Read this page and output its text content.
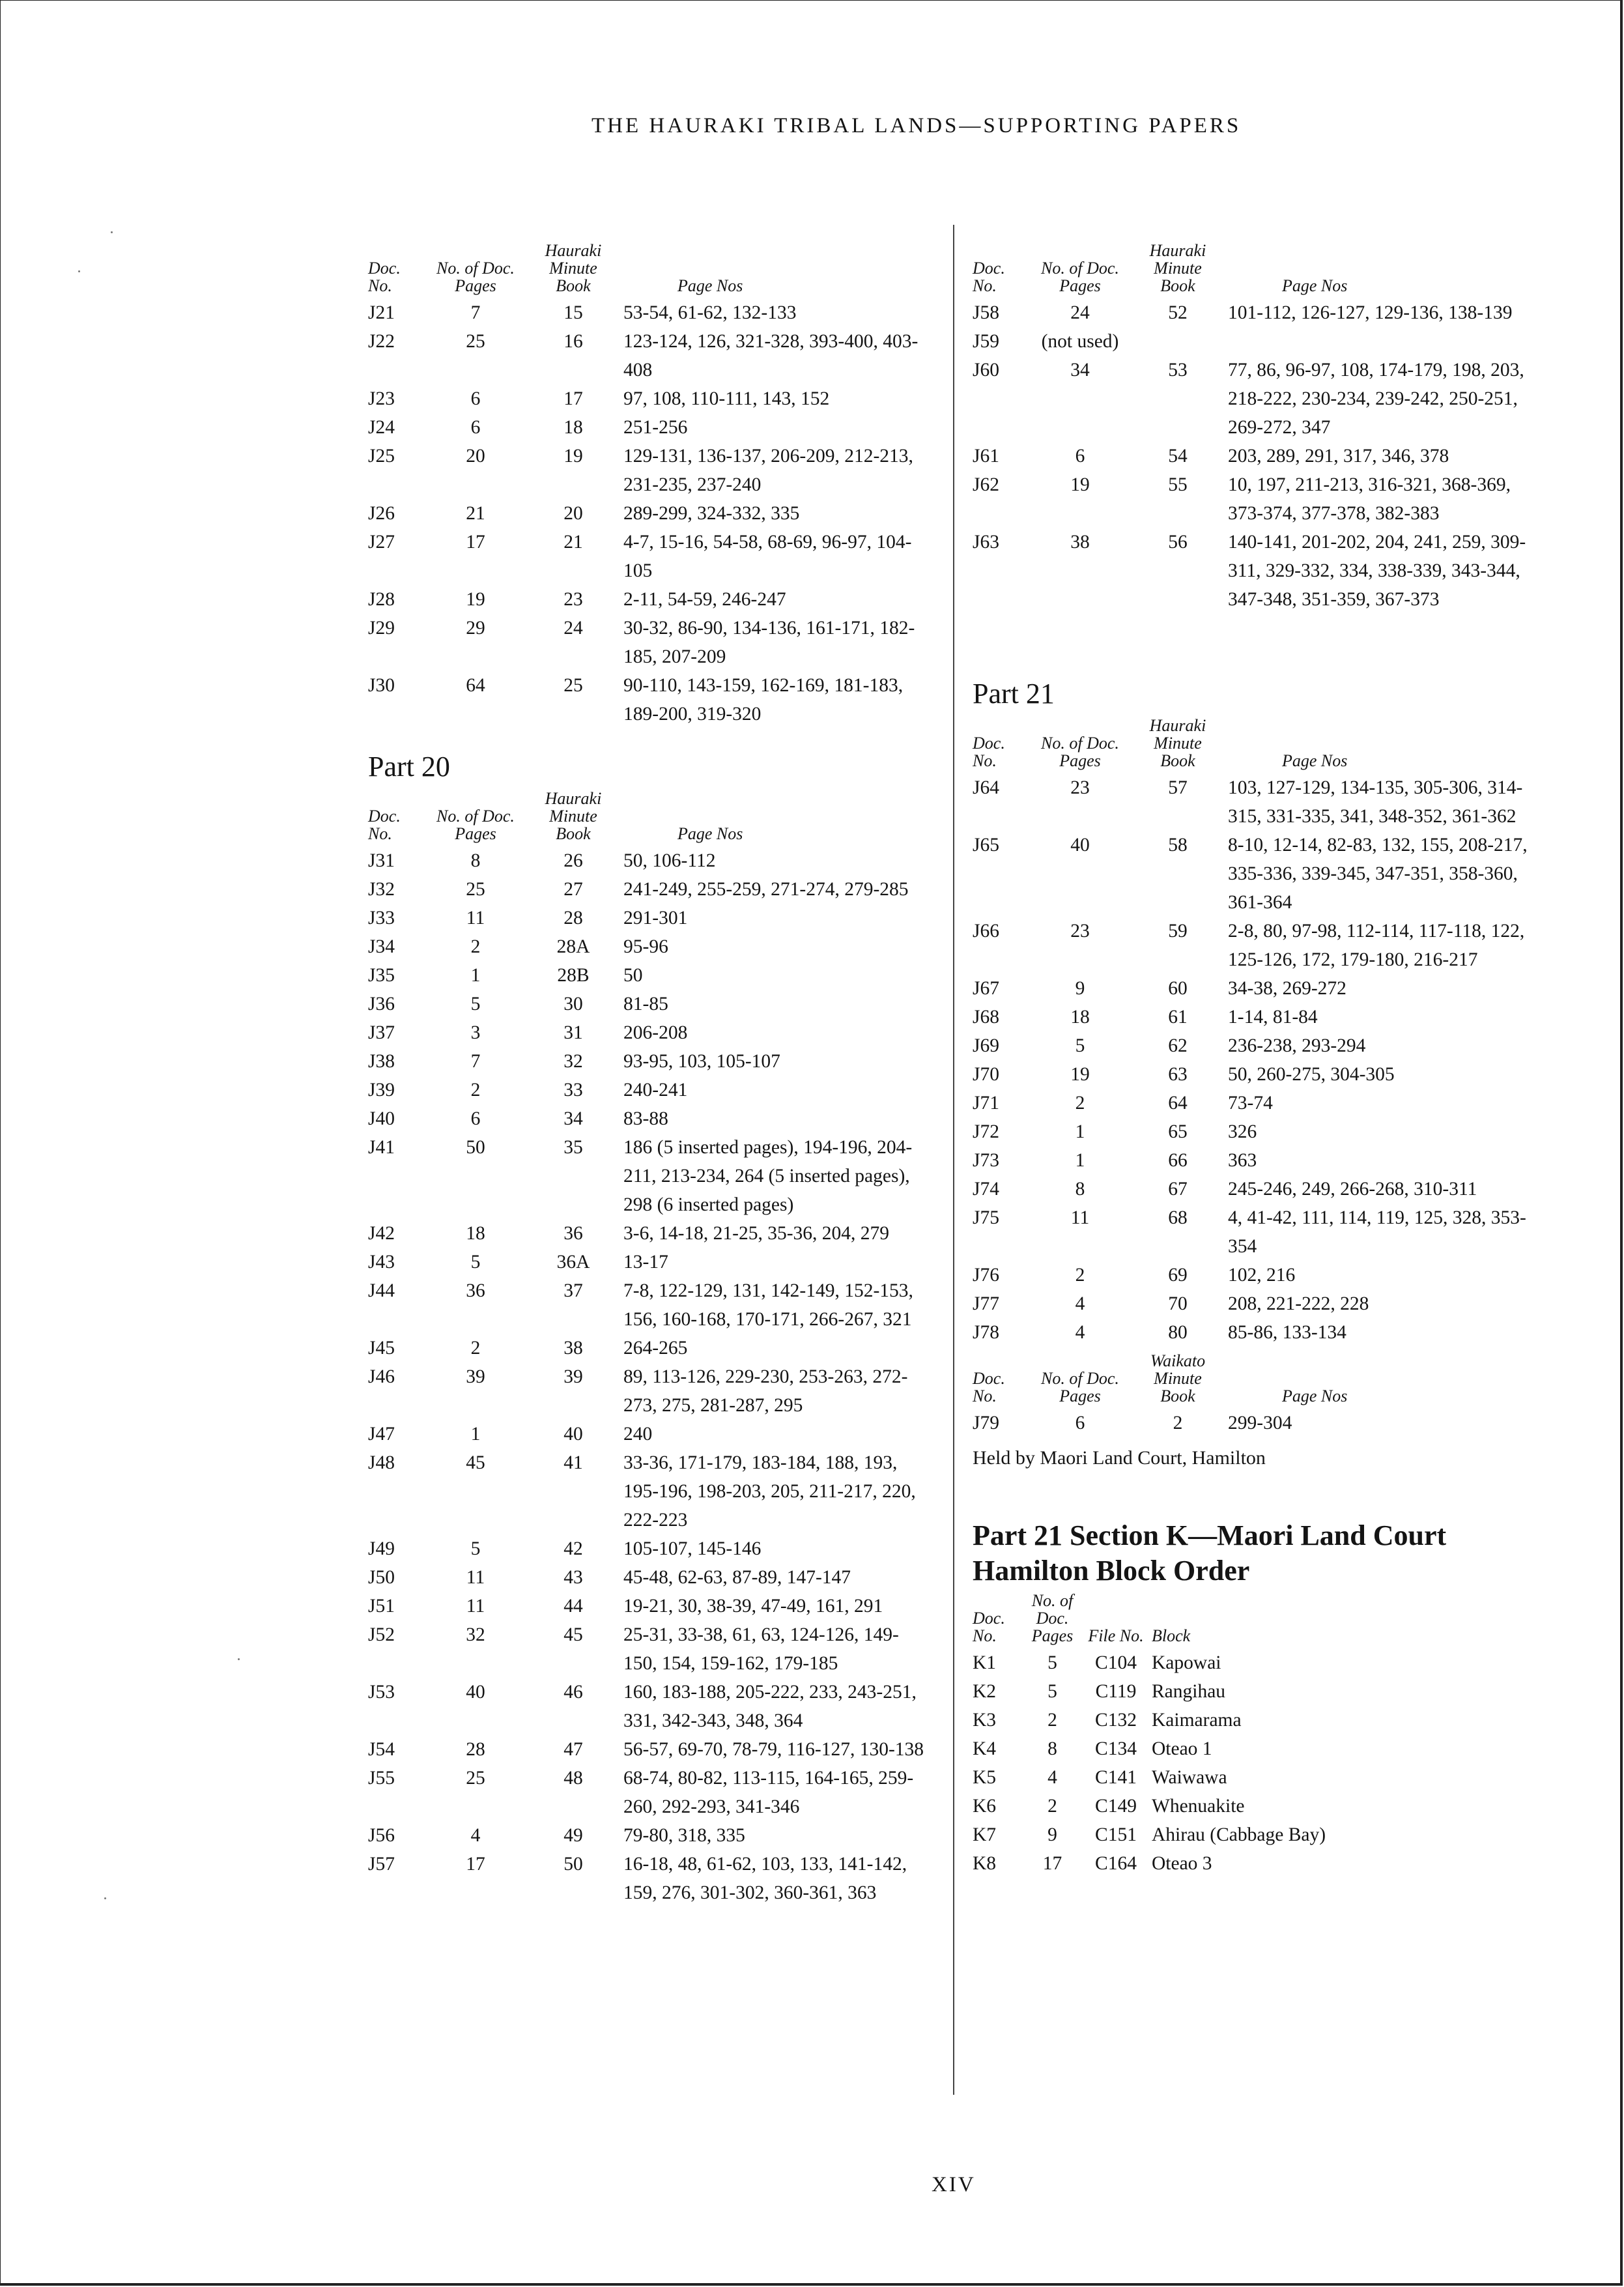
THE HAURAKI TRIBAL LANDS—SUPPORTING PAPERS
Doc. No.
No. of Doc. Pages
Hauraki Minute Book	Page Nos
J21	7	15	53-54, 61-62, 132-133
J22	25	16	123-124, 126, 321-328, 393-400, 403-408
J23	6	17	97, 108, 110-111, 143, 152
J24	6	18	251-256
J25	20	19	129-131, 136-137, 206-209, 212-213, 231-235, 237-240
J26	21	20	289-299, 324-332, 335
J27	17	21	4-7, 15-16, 54-58, 68-69, 96-97, 104-105
J28	19	23	2-11, 54-59, 246-247
J29	29	24	30-32, 86-90, 134-136, 161-171, 182-185, 207-209
J30	64	25	90-110, 143-159, 162-169, 181-183, 189-200, 319-320
Part 20
Doc. No.
No. of Doc. Pages
Hauraki Minute Book	Page Nos
J31	8	26	50, 106-112
J32	25	27	241-249, 255-259, 271-274, 279-285
J33	11	28	291-301
J34	2	28A	95-96
J35	1	28B	50
J36	5	30	81-85
J37	3	31	206-208
J38	7	32	93-95, 103, 105-107
J39	2	33	240-241
J40	6	34	83-88
J41	50	35	186 (5 inserted pages), 194-196, 204-211, 213-234, 264 (5 inserted pages), 298 (6 inserted pages)
J42	18	36	3-6, 14-18, 21-25, 35-36, 204, 279
J43	5	36A	13-17
J44	36	37	7-8, 122-129, 131, 142-149, 152-153, 156, 160-168, 170-171, 266-267, 321
J45	2	38	264-265
J46	39	39	89, 113-126, 229-230, 253-263, 272-273, 275, 281-287, 295
J47	1	40	240
J48	45	41	33-36, 171-179, 183-184, 188, 193, 195-196, 198-203, 205, 211-217, 220, 222-223
J49	5	42	105-107, 145-146
J50	11	43	45-48, 62-63, 87-89, 147-147
J51	11	44	19-21, 30, 38-39, 47-49, 161, 291
J52	32	45	25-31, 33-38, 61, 63, 124-126, 149-150, 154, 159-162, 179-185
J53	40	46	160, 183-188, 205-222, 233, 243-251, 331, 342-343, 348, 364
J54	28	47	56-57, 69-70, 78-79, 116-127, 130-138
J55	25	48	68-74, 80-82, 113-115, 164-165, 259-260, 292-293, 341-346
J56	4	49	79-80, 318, 335
J57	17	50	16-18, 48, 61-62, 103, 133, 141-142, 159, 276, 301-302, 360-361, 363
Doc. No.
No. of Doc. Pages
Hauraki Minute Book	Page Nos
J58	24	52	101-112, 126-127, 129-136, 138-139
J59	(not used)
J60	34	53	77, 86, 96-97, 108, 174-179, 198, 203, 218-222, 230-234, 239-242, 250-251, 269-272, 347
J61	6	54	203, 289, 291, 317, 346, 378
J62	19	55	10, 197, 211-213, 316-321, 368-369, 373-374, 377-378, 382-383
J63	38	56	140-141, 201-202, 204, 241, 259, 309-311, 329-332, 334, 338-339, 343-344, 347-348, 351-359, 367-373
Part 21
Doc. No.
No. of Doc. Pages
Hauraki Minute Book	Page Nos
J64	23	57	103, 127-129, 134-135, 305-306, 314-315, 331-335, 341, 348-352, 361-362
J65	40	58	8-10, 12-14, 82-83, 132, 155, 208-217, 335-336, 339-345, 347-351, 358-360, 361-364
J66	23	59	2-8, 80, 97-98, 112-114, 117-118, 122, 125-126, 172, 179-180, 216-217
J67	9	60	34-38, 269-272
J68	18	61	1-14, 81-84
J69	5	62	236-238, 293-294
J70	19	63	50, 260-275, 304-305
J71	2	64	73-74
J72	1	65	326
J73	1	66	363
J74	8	67	245-246, 249, 266-268, 310-311
J75	11	68	4, 41-42, 111, 114, 119, 125, 328, 353-354
J76	2	69	102, 216
J77	4	70	208, 221-222, 228
J78	4	80	85-86, 133-134
Doc. No.
No. of Doc. Pages
Waikato Minute Book	Page Nos
J79	6	2	299-304
Held by Maori Land Court, Hamilton
Part 21 Section K—Maori Land Court
Hamilton Block Order
Doc. No.
No. of Doc. Pages File No. Block
K1	5	C104 Kapowai
K2	5	C119 Rangihau
K3	2	C132 Kaimarama
K4	8	C134 Oteao 1
K5	4	C141 Waiwawa
K6	2	C149 Whenuakite
K7	9	C151 Ahirau (Cabbage Bay)
K8	17	C164 Oteao 3
XIV
